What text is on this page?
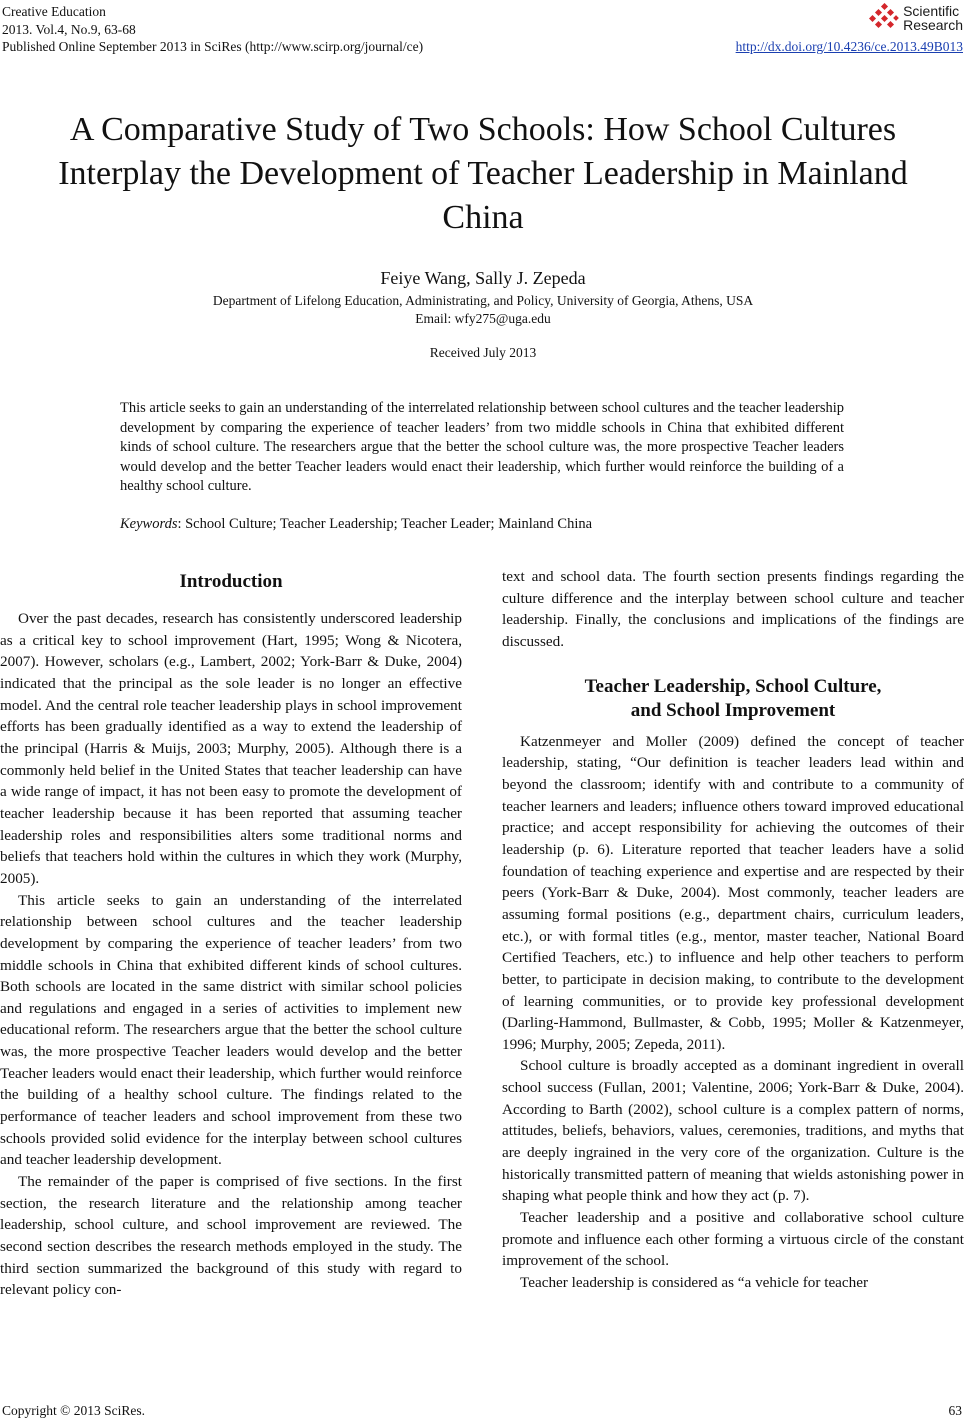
Creative Education
2013. Vol.4, No.9, 63-68
Published Online September 2013 in SciRes (http://www.scirp.org/journal/ce)
Scientific
Research
http://dx.doi.org/10.4236/ce.2013.49B013
A Comparative Study of Two Schools: How School Cultures Interplay the Development of Teacher Leadership in Mainland China
Feiye Wang, Sally J. Zepeda
Department of Lifelong Education, Administrating, and Policy, University of Georgia, Athens, USA
Email: wfy275@uga.edu
Received July 2013
This article seeks to gain an understanding of the interrelated relationship between school cultures and the teacher leadership development by comparing the experience of teacher leaders’ from two middle schools in China that exhibited different kinds of school culture. The researchers argue that the better the school culture was, the more prospective Teacher leaders would develop and the better Teacher leaders would enact their leadership, which further would reinforce the building of a healthy school culture.
Keywords: School Culture; Teacher Leadership; Teacher Leader; Mainland China
Introduction

Over the past decades, research has consistently underscored leadership as a critical key to school improvement (Hart, 1995; Wong & Nicotera, 2007). However, scholars (e.g., Lambert, 2002; York-Barr & Duke, 2004) indicated that the principal as the sole leader is no longer an effective model. And the central role teacher leadership plays in school improvement efforts has been gradually identified as a way to extend the leadership of the principal (Harris & Muijs, 2003; Murphy, 2005). Although there is a commonly held belief in the United States that teacher leadership can have a wide range of impact, it has not been easy to promote the development of teacher leadership because it has been reported that assuming teacher leadership roles and responsibilities alters some traditional norms and beliefs that teachers hold within the cultures in which they work (Murphy, 2005).

This article seeks to gain an understanding of the interrelated relationship between school cultures and the teacher leadership development by comparing the experience of teacher leaders’ from two middle schools in China that exhibited different kinds of school cultures. Both schools are located in the same district with similar school policies and regulations and engaged in a series of activities to implement new educational reform. The researchers argue that the better the school culture was, the more prospective Teacher leaders would develop and the better Teacher leaders would enact their leadership, which further would reinforce the building of a healthy school culture. The findings related to the performance of teacher leaders and school improvement from these two schools provided solid evidence for the interplay between school cultures and teacher leadership development.

The remainder of the paper is comprised of five sections. In the first section, the research literature and the relationship among teacher leadership, school culture, and school improvement are reviewed. The second section describes the research methods employed in the study. The third section summarized the background of this study with regard to relevant policy con-

text and school data. The fourth section presents findings regarding the culture difference and the interplay between school culture and teacher leadership. Finally, the conclusions and implications of the findings are discussed.

Teacher Leadership, School Culture,
and School Improvement

Katzenmeyer and Moller (2009) defined the concept of teacher leadership, stating, “Our definition is teacher leaders lead within and beyond the classroom; identify with and contribute to a community of teacher learners and leaders; influence others toward improved educational practice; and accept responsibility for achieving the outcomes of their leadership (p. 6). Literature reported that teacher leaders have a solid foundation of teaching experience and expertise and are respected by their peers (York-Barr & Duke, 2004). Most commonly, teacher leaders are assuming formal positions (e.g., department chairs, curriculum leaders, etc.), or with formal titles (e.g., mentor, master teacher, National Board Certified Teachers, etc.) to influence and help other teachers to perform better, to participate in decision making, to contribute to the development of learning communities, or to provide key professional development (Darling-Hammond, Bullmaster, & Cobb, 1995; Moller & Katzenmeyer, 1996; Murphy, 2005; Zepeda, 2011).

School culture is broadly accepted as a dominant ingredient in overall school success (Fullan, 2001; Valentine, 2006; York-Barr & Duke, 2004). According to Barth (2002), school culture is a complex pattern of norms, attitudes, beliefs, behaviors, values, ceremonies, traditions, and myths that are deeply ingrained in the very core of the organization. Culture is the historically transmitted pattern of meaning that wields astonishing power in shaping what people think and how they act (p. 7).

Teacher leadership and a positive and collaborative school culture promote and influence each other forming a virtuous circle of the constant improvement of the school.

Teacher leadership is considered as “a vehicle for teacher

Copyright © 2013 SciRes.	63
